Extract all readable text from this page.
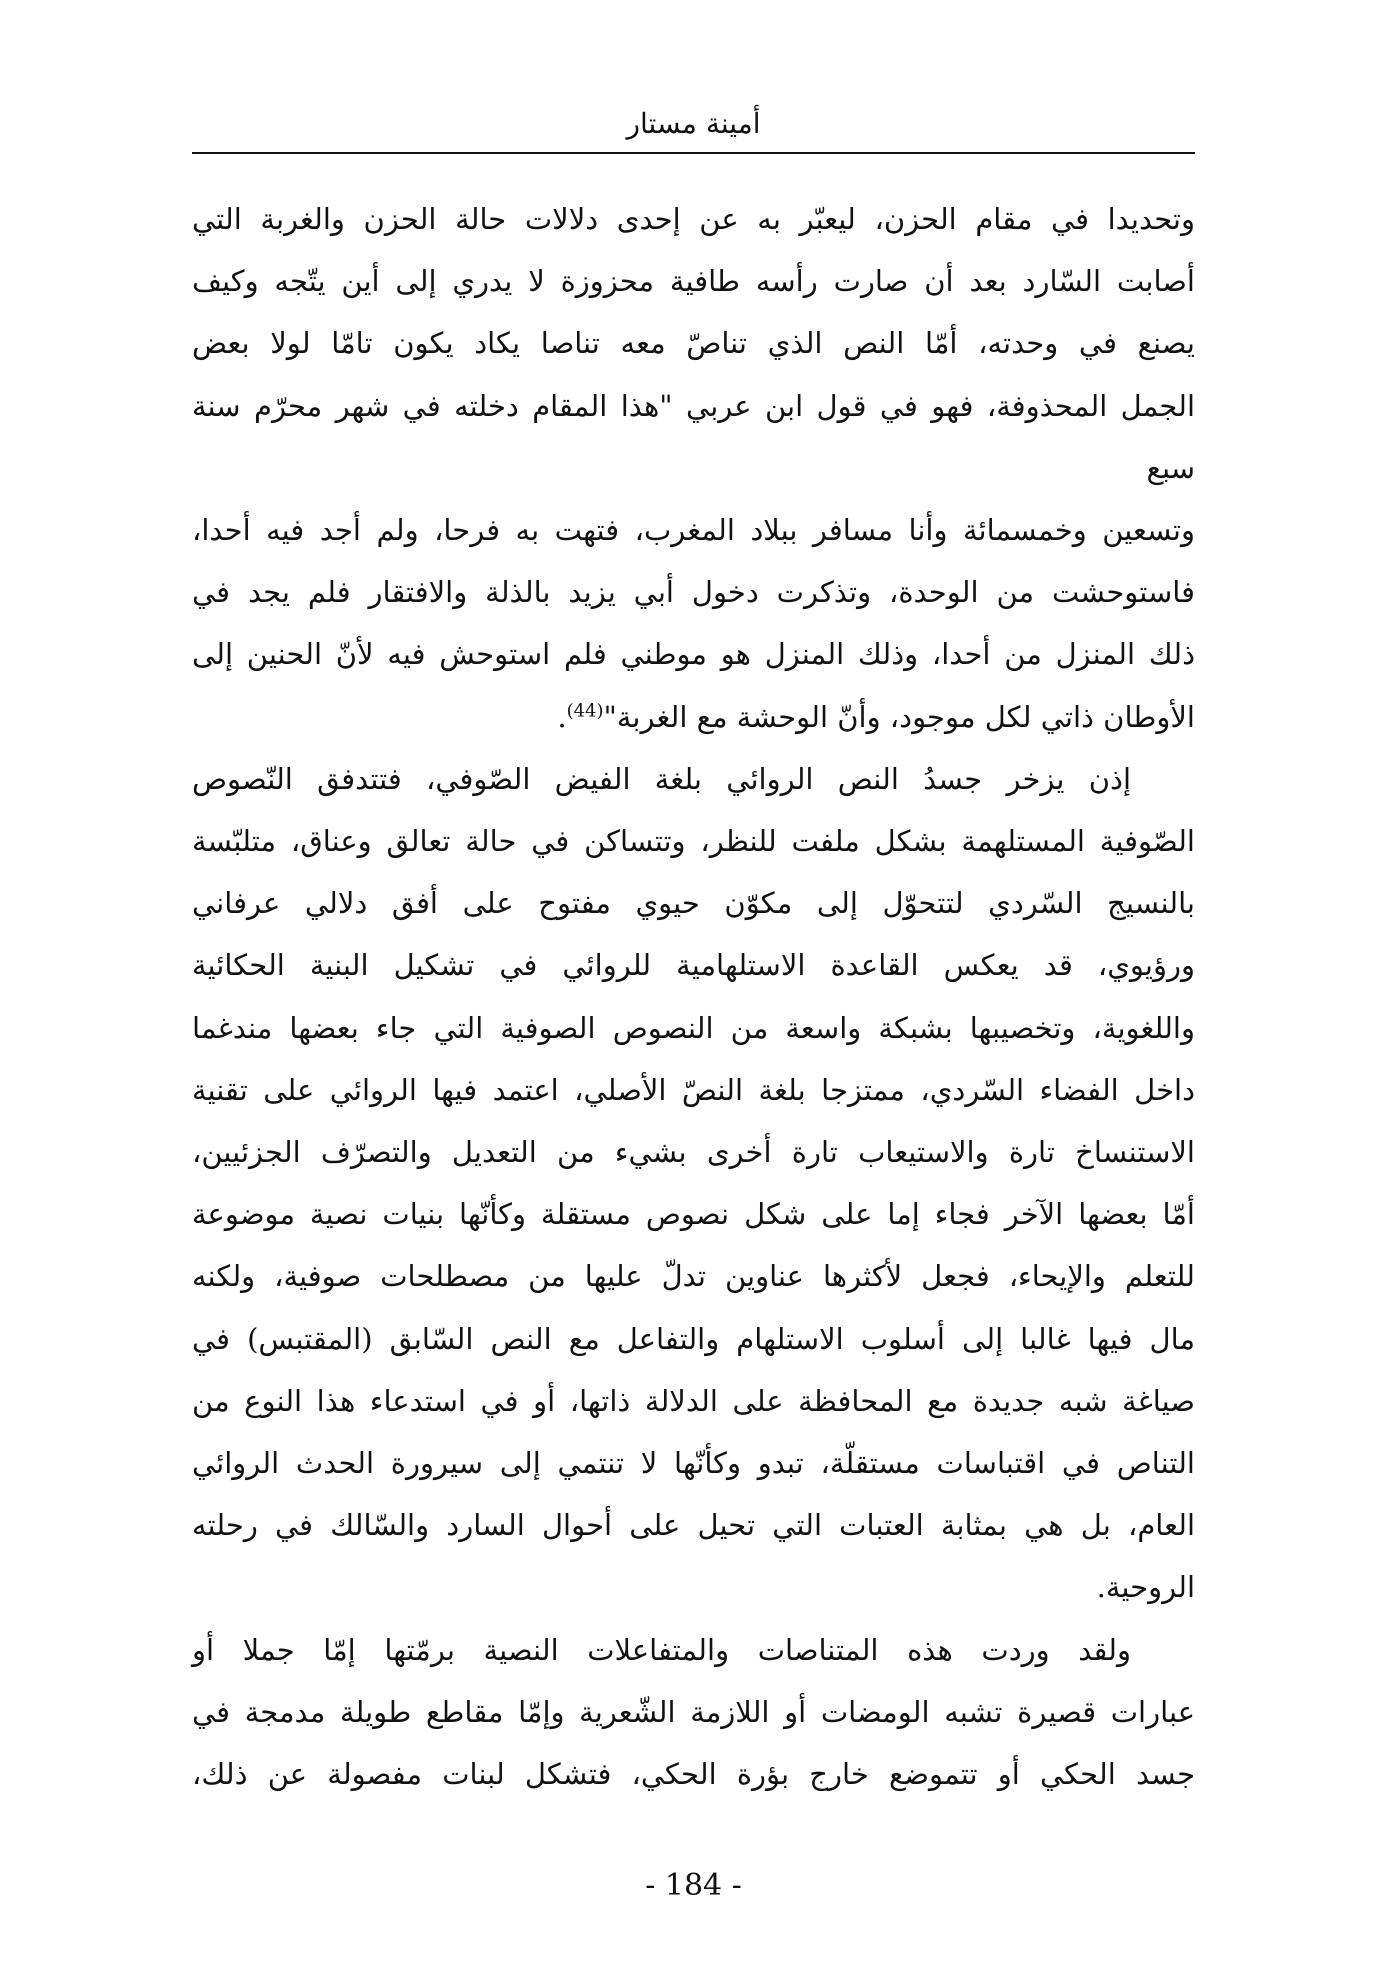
أمينة مستار

وتحديدا في مقام الحزن، ليعبّر به عن إحدى دلالات حالة الحزن والغربة التي

أصابت السّارد بعد أن صارت رأسه طافية محزوزة لا يدري إلى أين يتّجه وكيف

يصنع في وحدته، أمّا النص الذي تناصّ معه تناصا يكاد يكون تامّا لولا بعض

الجمل المحذوفة، فهو في قول ابن عربي "هذا المقام دخلته في شهر محرّم سنة سبع

وتسعين وخمسمائة وأنا مسافر ببلاد المغرب، فتهت به فرحا، ولم أجد فيه أحدا،

فاستوحشت من الوحدة، وتذكرت دخول أبي يزيد بالذلة والافتقار فلم يجد في

ذلك المنزل من أحدا، وذلك المنزل هو موطني فلم استوحش فيه لأنّ الحنين إلى

الأوطان ذاتي لكل موجود، وأنّ الوحشة مع الغربة"$^{(44)}$.

إذن يزخر جسدُ النص الروائي بلغة الفيض الصّوفي، فتتدفق النّصوص

الصّوفية المستلهمة بشكل ملفت للنظر، وتتساكن في حالة تعالق وعناق، متلبّسة

بالنسيج السّردي لتتحوّل إلى مكوّن حيوي مفتوح على أفق دلالي عرفاني

ورؤيوي، قد يعكس القاعدة الاستلهامية للروائي في تشكيل البنية الحكائية

واللغوية، وتخصيبها بشبكة واسعة من النصوص الصوفية التي جاء بعضها مندغما

داخل الفضاء السّردي، ممتزجا بلغة النصّ الأصلي، اعتمد فيها الروائي على تقنية

الاستنساخ تارة والاستيعاب تارة أخرى بشيء من التعديل والتصرّف الجزئيين،

أمّا بعضها الآخر فجاء إما على شكل نصوص مستقلة وكأنّها بنيات نصية موضوعة

للتعلم والإيحاء، فجعل لأكثرها عناوين تدلّ عليها من مصطلحات صوفية، ولكنه

مال فيها غالبا إلى أسلوب الاستلهام والتفاعل مع النص السّابق (المقتبس) في

صياغة شبه جديدة مع المحافظة على الدلالة ذاتها، أو في استدعاء هذا النوع من

التناص في اقتباسات مستقلّة، تبدو وكأنّها لا تنتمي إلى سيرورة الحدث الروائي

العام، بل هي بمثابة العتبات التي تحيل على أحوال السارد والسّالك في رحلته

الروحية.

ولقد وردت هذه المتناصات والمتفاعلات النصية برمّتها إمّا جملا أو

عبارات قصيرة تشبه الومضات أو اللازمة الشّعرية وإمّا مقاطع طويلة مدمجة في

جسد الحكي أو تتموضع خارج بؤرة الحكي، فتشكل لبنات مفصولة عن ذلك،

- 184 -
